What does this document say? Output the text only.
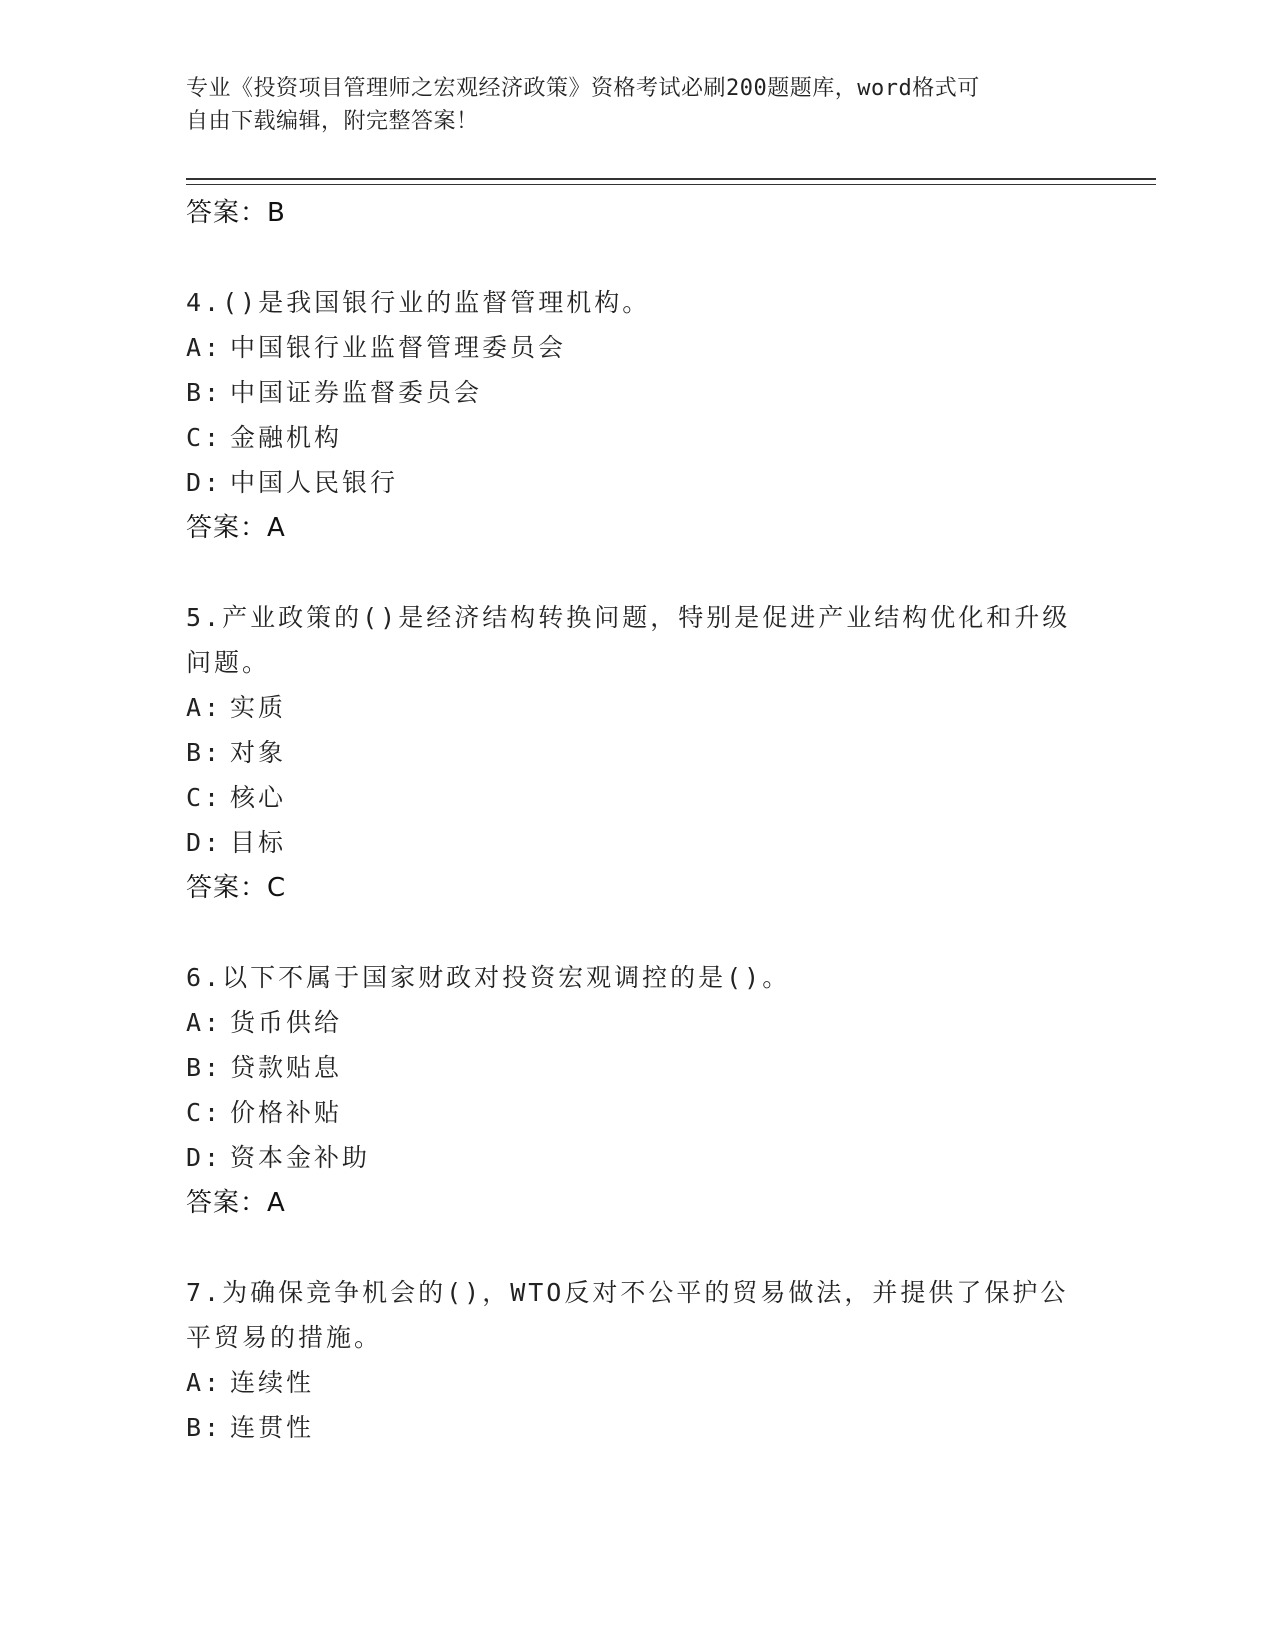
专业《投资项目管理师之宏观经济政策》资格考试必刷200题题库，word格式可
自由下载编辑，附完整答案！
答案：B
4.()是我国银行业的监督管理机构。
A: 中国银行业监督管理委员会
B: 中国证券监督委员会
C: 金融机构
D: 中国人民银行
答案：A
5.产业政策的()是经济结构转换问题，特别是促进产业结构优化和升级问题。
A: 实质
B: 对象
C: 核心
D: 目标
答案：C
6.以下不属于国家财政对投资宏观调控的是()。
A: 货币供给
B: 贷款贴息
C: 价格补贴
D: 资本金补助
答案：A
7.为确保竞争机会的()，WTO反对不公平的贸易做法，并提供了保护公平贸易的措施。
A: 连续性
B: 连贯性
